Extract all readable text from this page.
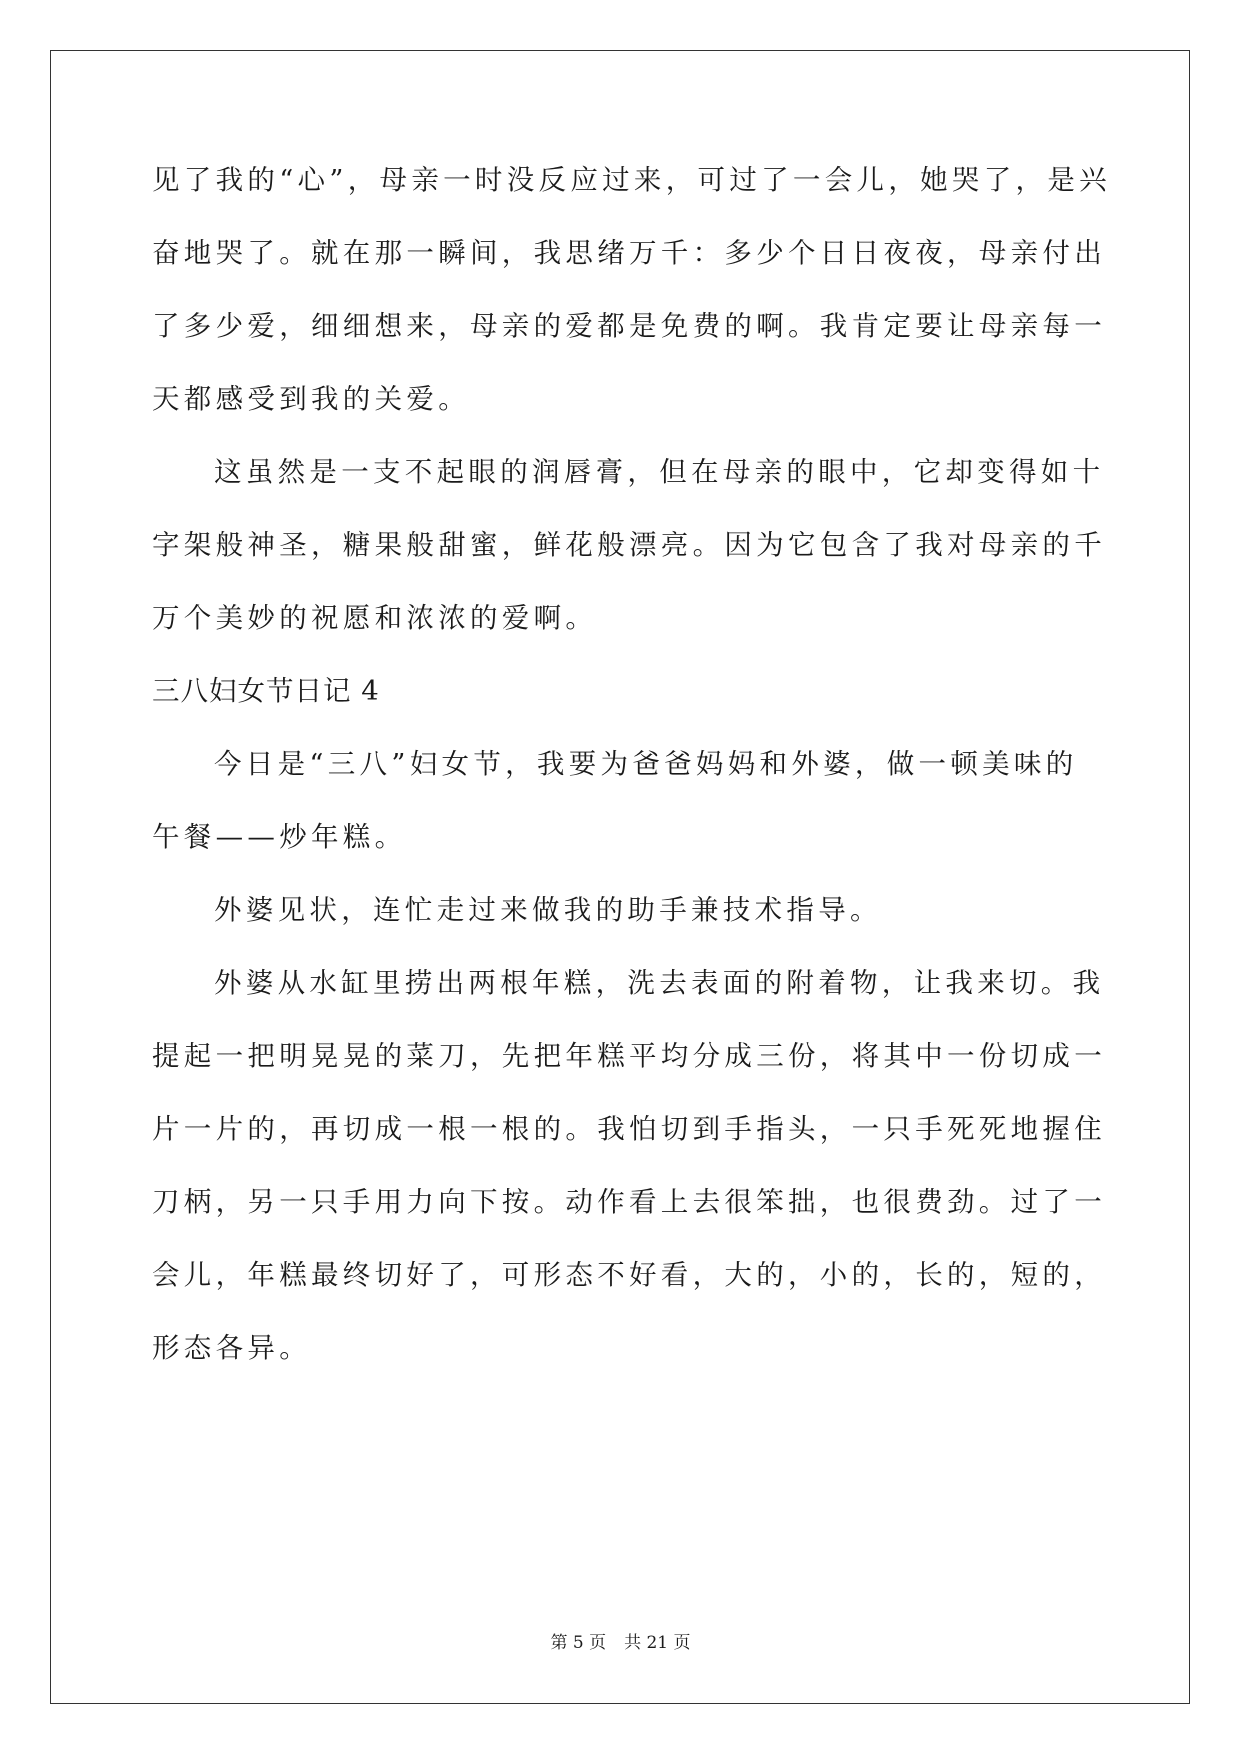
见了我的“心”，母亲一时没反应过来，可过了一会儿，她哭了，是兴
奋地哭了。就在那一瞬间，我思绪万千：多少个日日夜夜，母亲付出
了多少爱，细细想来，母亲的爱都是免费的啊。我肯定要让母亲每一
天都感受到我的关爱。
这虽然是一支不起眼的润唇膏，但在母亲的眼中，它却变得如十
字架般神圣，糖果般甜蜜，鲜花般漂亮。因为它包含了我对母亲的千
万个美妙的祝愿和浓浓的爱啊。
三八妇女节日记 4
今日是“三八”妇女节，我要为爸爸妈妈和外婆，做一顿美味的
午餐——炒年糕。
外婆见状，连忙走过来做我的助手兼技术指导。
外婆从水缸里捞出两根年糕，洗去表面的附着物，让我来切。我
提起一把明晃晃的菜刀，先把年糕平均分成三份，将其中一份切成一
片一片的，再切成一根一根的。我怕切到手指头，一只手死死地握住
刀柄，另一只手用力向下按。动作看上去很笨拙，也很费劲。过了一
会儿，年糕最终切好了，可形态不好看，大的，小的，长的，短的，
形态各异。
第 5 页 共 21 页
